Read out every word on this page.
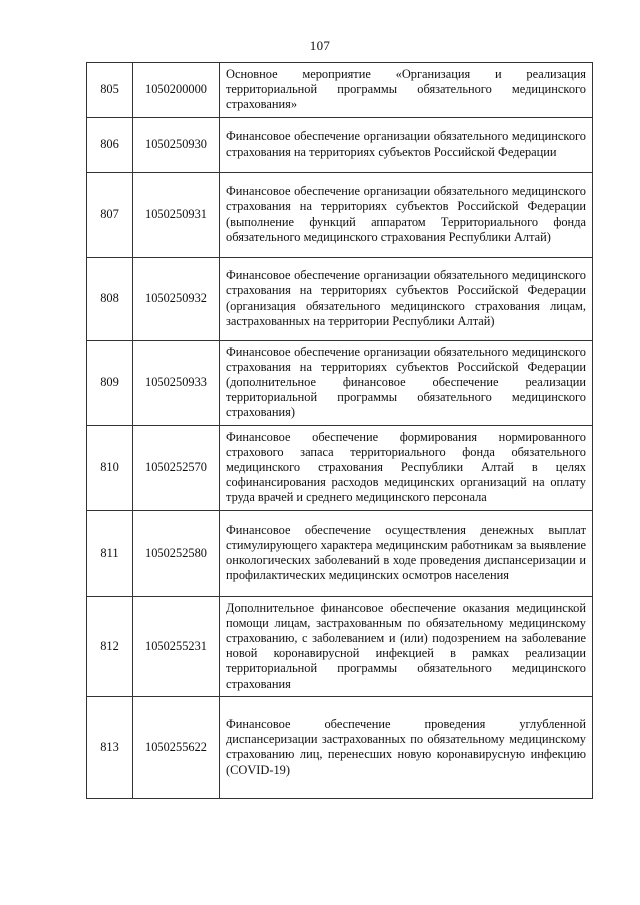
107
805	1050200000	Основное мероприятие «Организация и реализация территориальной программы обязательного медицинского страхования»

806	1050250930	Финансовое обеспечение организации обязательного медицинского страхования на территориях субъектов Российской Федерации

807	1050250931	Финансовое обеспечение организации обязательного медицинского страхования на территориях субъектов Российской Федерации (выполнение функций аппаратом Территориального фонда обязательного медицинского страхования Республики Алтай)

808	1050250932	Финансовое обеспечение организации обязательного медицинского страхования на территориях субъектов Российской Федерации (организация обязательного медицинского страхования лицам, застрахованных на территории Республики Алтай)

809	1050250933	Финансовое обеспечение организации обязательного медицинского страхования на территориях субъектов Российской Федерации (дополнительное финансовое обеспечение реализации территориальной программы обязательного медицинского страхования)

810	1050252570	Финансовое обеспечение формирования нормированного страхового запаса территориального фонда обязательного медицинского страхования Республики Алтай в целях софинансирования расходов медицинских организаций на оплату труда врачей и среднего медицинского персонала

811	1050252580	Финансовое обеспечение осуществления денежных выплат стимулирующего характера медицинским работникам за выявление онкологических заболеваний в ходе проведения диспансеризации и профилактических медицинских осмотров населения

812	1050255231	Дополнительное финансовое обеспечение оказания медицинской помощи лицам, застрахованным по обязательному медицинскому страхованию, с заболеванием и (или) подозрением на заболевание новой коронавирусной инфекцией в рамках реализации территориальной программы обязательного медицинского страхования

813	1050255622	Финансовое обеспечение проведения углубленной диспансеризации застрахованных по обязательному медицинскому страхованию лиц, перенесших новую коронавирусную инфекцию (COVID-19)
